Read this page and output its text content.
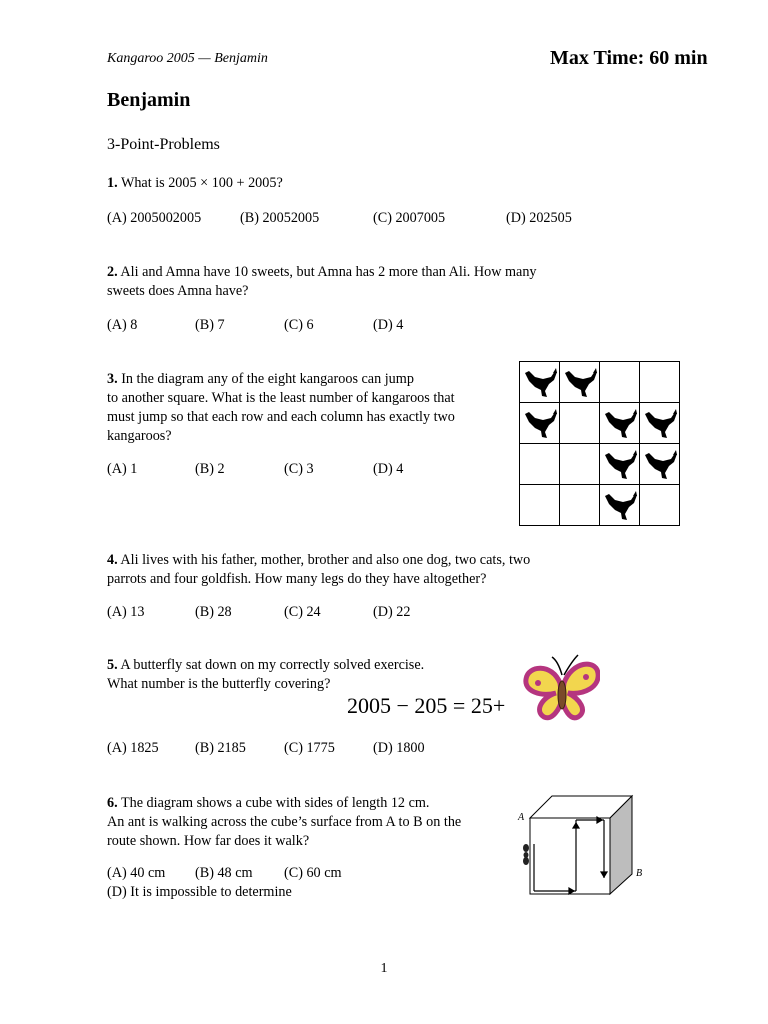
Kangaroo 2005 — Benjamin	Max Time: 60 min
Benjamin
3-Point-Problems
1. What is 2005 × 100 + 2005?
(A) 2005002005	(B) 20052005	(C) 2007005	(D) 202505
2. Ali and Amna have 10 sweets, but Amna has 2 more than Ali. How many
sweets does Amna have?
(A) 8	(B) 7	(C) 6	(D) 4
3. In the diagram any of the eight kangaroos can jump
to another square. What is the least number of kangaroos that
must jump so that each row and each column has exactly two
kangaroos?
(A) 1	(B) 2	(C) 3	(D) 4
4. Ali lives with his father, mother, brother and also one dog, two cats, two
parrots and four goldfish. How many legs do they have altogether?
(A) 13	(B) 28	(C) 24	(D) 22
5. A butterfly sat down on my correctly solved exercise.
What number is the butterfly covering?
2005 − 205 = 25+
(A) 1825	(B) 2185	(C) 1775	(D) 1800
6. The diagram shows a cube with sides of length 12 cm.
An ant is walking across the cube’s surface from A to B on the
route shown. How far does it walk?
(A) 40 cm (B) 48 cm (C) 60 cm
(D) It is impossible to determine
A
B
1
